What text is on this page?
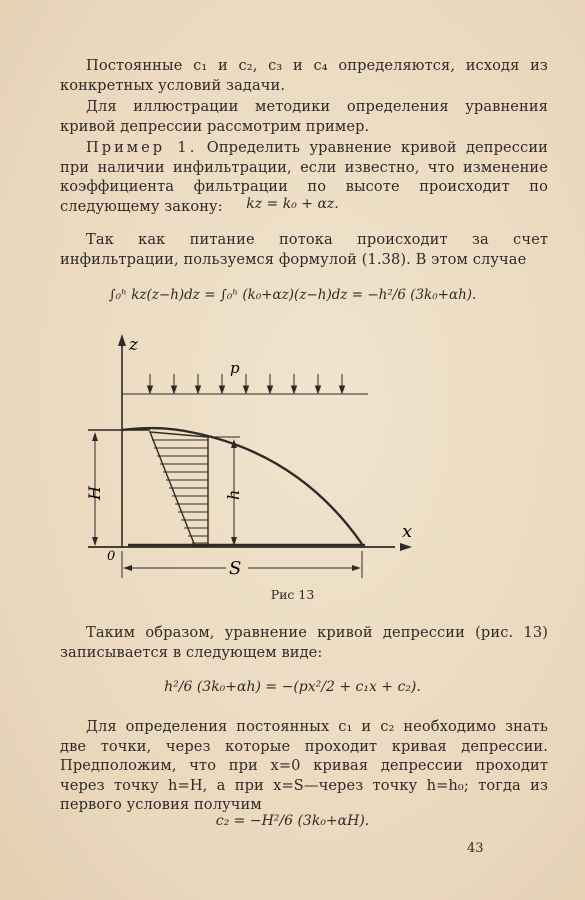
Постоянные c₁ и c₂, c₃ и c₄ определяются, исходя из конкретных условий задачи.

Для иллюстрации методики определения уравнения кривой депрессии рассмотрим пример.

Пример 1. Определить уравнение кривой депрессии при наличии инфильтрации, если известно, что изменение коэффициента фильтрации по высоте происходит по следующему закону:	kz = k₀ + αz.

Так как питание потока происходит за счет инфильтрации, пользуемся формулой (1.38). В этом случае

∫₀ʰ kz(z−h)dz = ∫₀ʰ (k₀+αz)(z−h)dz = −h²/6 (3k₀+αh).
z
p
h
H
x
0
S
Рис 13

Таким образом, уравнение кривой депрессии (рис. 13) записывается в следующем виде:

h²/6 (3k₀+αh) = −(px²/2 + c₁x + c₂).

Для определения постоянных c₁ и c₂ необходимо знать две точки, через которые проходит кривая депрессии. Предположим, что при x=0 кривая депрессии проходит через точку h=H, а при x=S—через точку h=h₀; тогда из первого условия получим

c₂ = −H²/6 (3k₀+αH).
43
